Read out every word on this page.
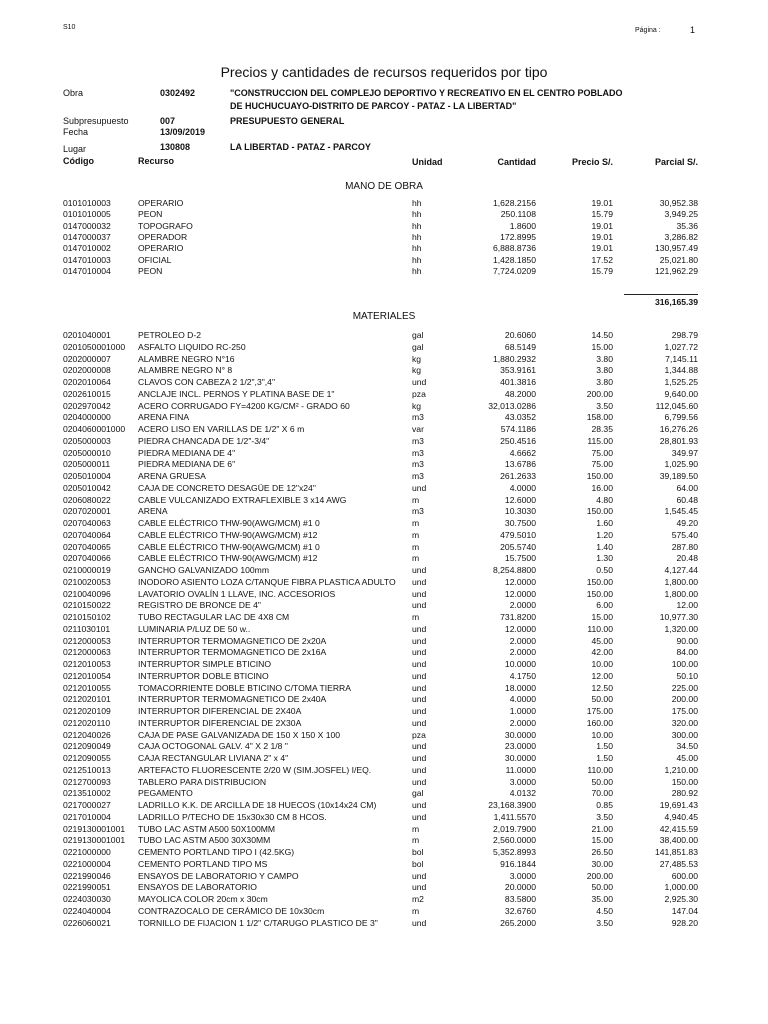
S10	Página :	1
Precios y cantidades de recursos requeridos por tipo
Obra	0302492	"CONSTRUCCION DEL COMPLEJO DEPORTIVO Y RECREATIVO EN EL CENTRO POBLADO
DE HUCHUCUAYO-DISTRITO DE PARCOY - PATAZ - LA LIBERTAD"
Subpresupuesto	007	PRESUPUESTO GENERAL
Fecha	13/09/2019
Lugar	130808	LA LIBERTAD - PATAZ - PARCOY
Código	Recurso	Unidad	Cantidad	Precio S/.	Parcial S/.
MANO DE OBRA
0101010003	OPERARIO	hh	1,628.2156	19.01	30,952.38
0101010005	PEON	hh	250.1108	15.79	3,949.25
0147000032	TOPOGRAFO	hh	1.8600	19.01	35.36
0147000037	OPERADOR	hh	172.8995	19.01	3,286.82
0147010002	OPERARIO	hh	6,888.8736	19.01	130,957.49
0147010003	OFICIAL	hh	1,428.1850	17.52	25,021.80
0147010004	PEON	hh	7,724.0209	15.79	121,962.29
316,165.39
MATERIALES
0201040001	PETROLEO D-2	gal	20.6060	14.50	298.79
0201050001000 ASFALTO LIQUIDO RC-250	gal	68.5149	15.00	1,027.72
0202000007	ALAMBRE NEGRO N°16	kg	1,880.2932	3.80	7,145.11
0202000008	ALAMBRE NEGRO N° 8	kg	353.9161	3.80	1,344.88
0202010064	CLAVOS CON CABEZA 2 1/2",3",4"	und	401.3816	3.80	1,525.25
0202610015	ANCLAJE INCL. PERNOS Y PLATINA BASE DE 1"	pza	48.2000	200.00	9,640.00
0202970042	ACERO CORRUGADO FY=4200 KG/CM² - GRADO 60	kg	32,013.0286	3.50	112,045.60
0204000000	ARENA FINA	m3	43.0352	158.00	6,799.56
0204060001000 ACERO LISO EN VARILLAS DE 1/2" X 6 m	var	574.1186	28.35	16,276.26
0205000003	PIEDRA CHANCADA DE 1/2"-3/4"	m3	250.4516	115.00	28,801.93
0205000010	PIEDRA MEDIANA DE 4"	m3	4.6662	75.00	349.97
0205000011	PIEDRA MEDIANA DE 6"	m3	13.6786	75.00	1,025.90
0205010004	ARENA GRUESA	m3	261.2633	150.00	39,189.50
0205010042	CAJA DE CONCRETO DESAGÜE DE 12"x24"	und	4.0000	16.00	64.00
0206080022	CABLE VULCANIZADO EXTRAFLEXIBLE 3 x14 AWG	m	12.6000	4.80	60.48
0207020001	ARENA	m3	10.3030	150.00	1,545.45
0207040063	CABLE ELÉCTRICO THW-90(AWG/MCM) #1 0	m	30.7500	1.60	49.20
0207040064	CABLE ELÉCTRICO THW-90(AWG/MCM) #12	m	479.5010	1.20	575.40
0207040065	CABLE ELÉCTRICO THW-90(AWG/MCM) #1 0	m	205.5740	1.40	287.80
0207040066	CABLE ELÉCTRICO THW-90(AWG/MCM) #12	m	15.7500	1.30	20.48
0210000019	GANCHO GALVANIZADO 100mm	und	8,254.8800	0.50	4,127.44
0210020053	INODORO ASIENTO LOZA C/TANQUE FIBRA PLASTICA ADULTO und	12.0000	150.00	1,800.00
0210040096	LAVATORIO OVALÍN 1 LLAVE, INC. ACCESORIOS	und	12.0000	150.00	1,800.00
0210150022	REGISTRO DE BRONCE DE 4"	und	2.0000	6.00	12.00
0210150102	TUBO RECTAGULAR LAC DE 4X8 CM	m	731.8200	15.00	10,977.30
0211030101	LUMINARIA P/LUZ DE 50 w..	und	12.0000	110.00	1,320.00
0212000053	INTERRUPTOR TERMOMAGNETICO DE 2x20A	und	2.0000	45.00	90.00
0212000063	INTERRUPTOR TERMOMAGNETICO DE 2x16A	und	2.0000	42.00	84.00
0212010053	INTERRUPTOR SIMPLE BTICINO	und	10.0000	10.00	100.00
0212010054	INTERRUPTOR DOBLE BTICINO	und	4.1750	12.00	50.10
0212010055	TOMACORRIENTE DOBLE BTICINO C/TOMA TIERRA	und	18.0000	12.50	225.00
0212020101	INTERRUPTOR TERMOMAGNETICO DE 2x40A	und	4.0000	50.00	200.00
0212020109	INTERRUPTOR DIFERENCIAL DE 2X40A	und	1.0000	175.00	175.00
0212020110	INTERRUPTOR DIFERENCIAL DE 2X30A	und	2.0000	160.00	320.00
0212040026	CAJA DE PASE GALVANIZADA DE 150 X 150 X 100	pza	30.0000	10.00	300.00
0212090049	CAJA OCTOGONAL GALV. 4" X 2 1/8 "	und	23.0000	1.50	34.50
0212090055	CAJA RECTANGULAR LIVIANA 2" x 4"	und	30.0000	1.50	45.00
0212510013	ARTEFACTO FLUORESCENTE 2/20 W (SIM.JOSFEL) I/EQ.	und	11.0000	110.00	1,210.00
0212700093	TABLERO PARA DISTRIBUCION	und	3.0000	50.00	150.00
0213510002	PEGAMENTO	gal	4.0132	70.00	280.92
0217000027	LADRILLO K.K. DE ARCILLA DE 18 HUECOS (10x14x24 CM)	und	23,168.3900	0.85	19,691.43
0217010004	LADRILLO P/TECHO DE 15x30x30 CM 8 HCOS.	und	1,411.5570	3.50	4,940.45
0219130001001 TUBO LAC ASTM A500 50X100MM	m	2,019.7900	21.00	42,415.59
0219130001001 TUBO LAC ASTM A500 30X30MM	m	2,560.0000	15.00	38,400.00
0221000000	CEMENTO PORTLAND TIPO I (42.5KG)	bol	5,352.8993	26.50	141,851.83
0221000004	CEMENTO PORTLAND TIPO MS	bol	916.1844	30.00	27,485.53
0221990046	ENSAYOS DE LABORATORIO Y CAMPO	und	3.0000	200.00	600.00
0221990051	ENSAYOS DE LABORATORIO	und	20.0000	50.00	1,000.00
0224030030	MAYOLICA COLOR 20cm x 30cm	m2	83.5800	35.00	2,925.30
0224040004	CONTRAZOCALO DE CERÁMICO DE 10x30cm	m	32.6760	4.50	147.04
0226060021	TORNILLO DE FIJACION 1 1/2" C/TARUGO PLASTICO DE 3"	und	265.2000	3.50	928.20
